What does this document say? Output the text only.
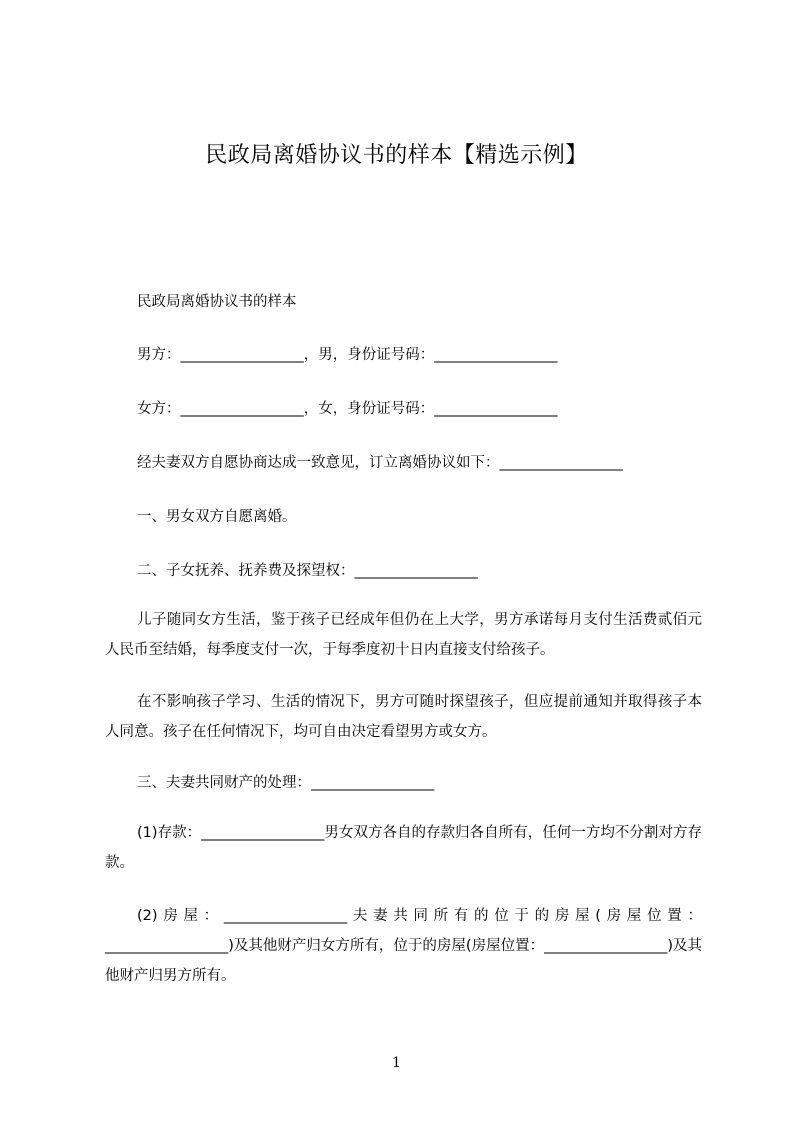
民政局离婚协议书的样本【精选示例】
民政局离婚协议书的样本
男方：_________________，男，身份证号码：_________________
女方：_________________，女，身份证号码：_________________
经夫妻双方自愿协商达成一致意见，订立离婚协议如下：_________________
一、男女双方自愿离婚。
二、子女抚养、抚养费及探望权：_________________
儿子随同女方生活，鉴于孩子已经成年但仍在上大学，男方承诺每月支付生活费贰佰元人民币至结婚，每季度支付一次，于每季度初十日内直接支付给孩子。
在不影响孩子学习、生活的情况下，男方可随时探望孩子，但应提前通知并取得孩子本人同意。孩子在任何情况下，均可自由决定看望男方或女方。
三、夫妻共同财产的处理：_________________
(1)存款：_________________男女双方各自的存款归各自所有，任何一方均不分割对方存款。
(2)房屋：_________________夫妻共同所有的位于的房屋(房屋位置：_________________)及其他财产归女方所有，位于的房屋(房屋位置：_________________)及其他财产归男方所有。
1
